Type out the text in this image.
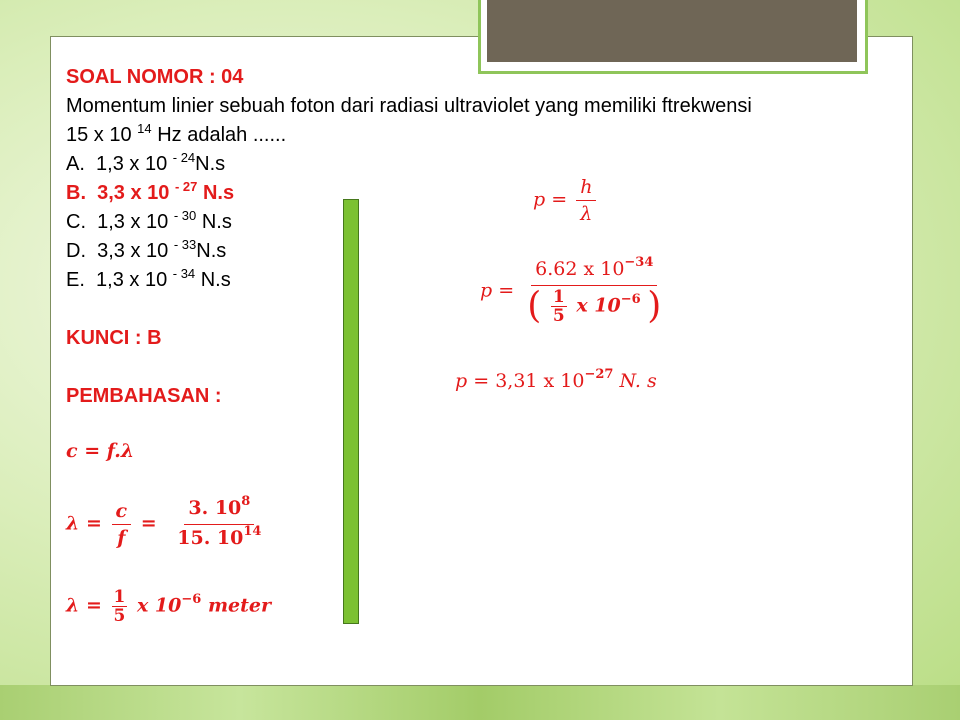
SOAL NOMOR : 04
Momentum linier sebuah foton dari radiasi ultraviolet yang memiliki ftrekwensi
15 x 10 $^{14}$ Hz adalah ......
A. 1,3 x 10 $^{- 24}$N.s
B. 3,3 x 10 $^{- 27}$ N.s
C. 1,3 x 10 $^{- 30}$ N.s
D. 3,3 x 10 $^{- 33}$N.s
E. 1,3 x 10 $^{- 34}$ N.s
KUNCI : B
PEMBAHASAN :
c = f.λ
$\lambda = \frac{c}{f} = \frac{3. 10^8}{15. 10^{14}}$
$\lambda = \frac{1}{5}$ x $10^{-6}$ meter
$p = \frac{h}{\lambda}$
$p = \frac{6.62 x 10^{-34}}{( \frac{1}{5} x 10^{-6} )}$
p = 3,31 x $10^{-27}$ N. s
